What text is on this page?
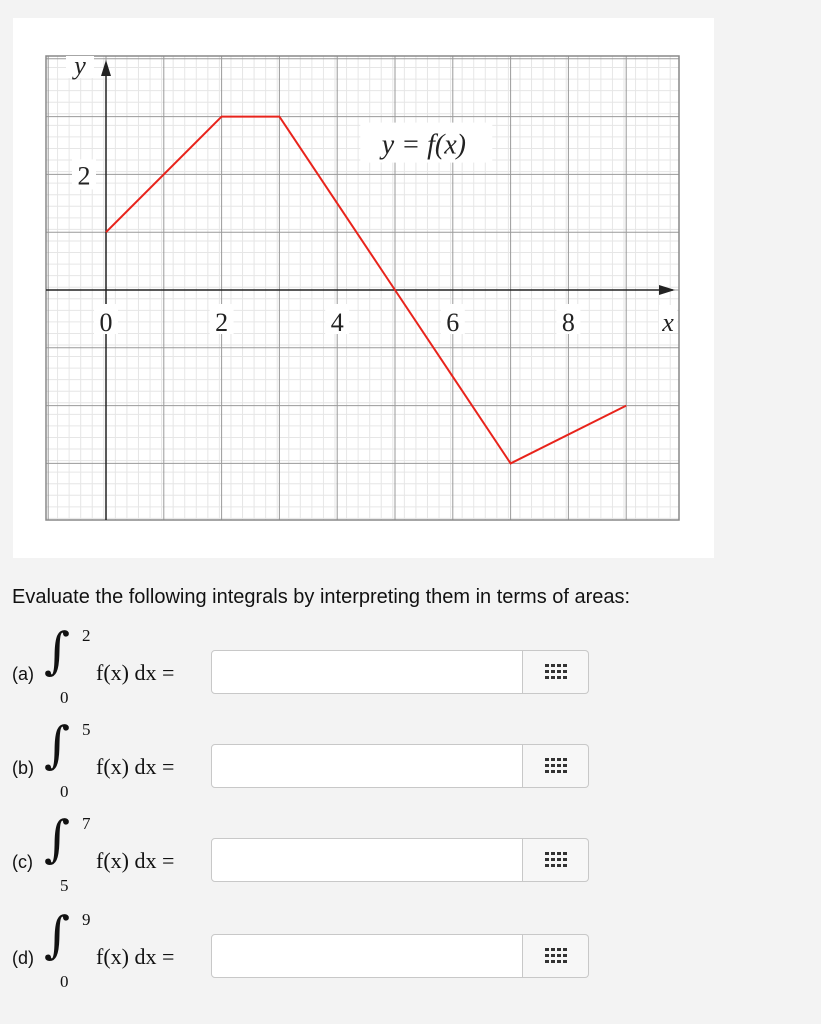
0	2	4	6	8
2
x
y
y = f(x)
Evaluate the following integrals by interpreting them in terms of areas:
(a) ∫ 2
0
f(x) dx =
(b) ∫ 5
0
f(x) dx =
(c) ∫ 7
5
f(x) dx =
(d) ∫ 9
0
f(x) dx =
